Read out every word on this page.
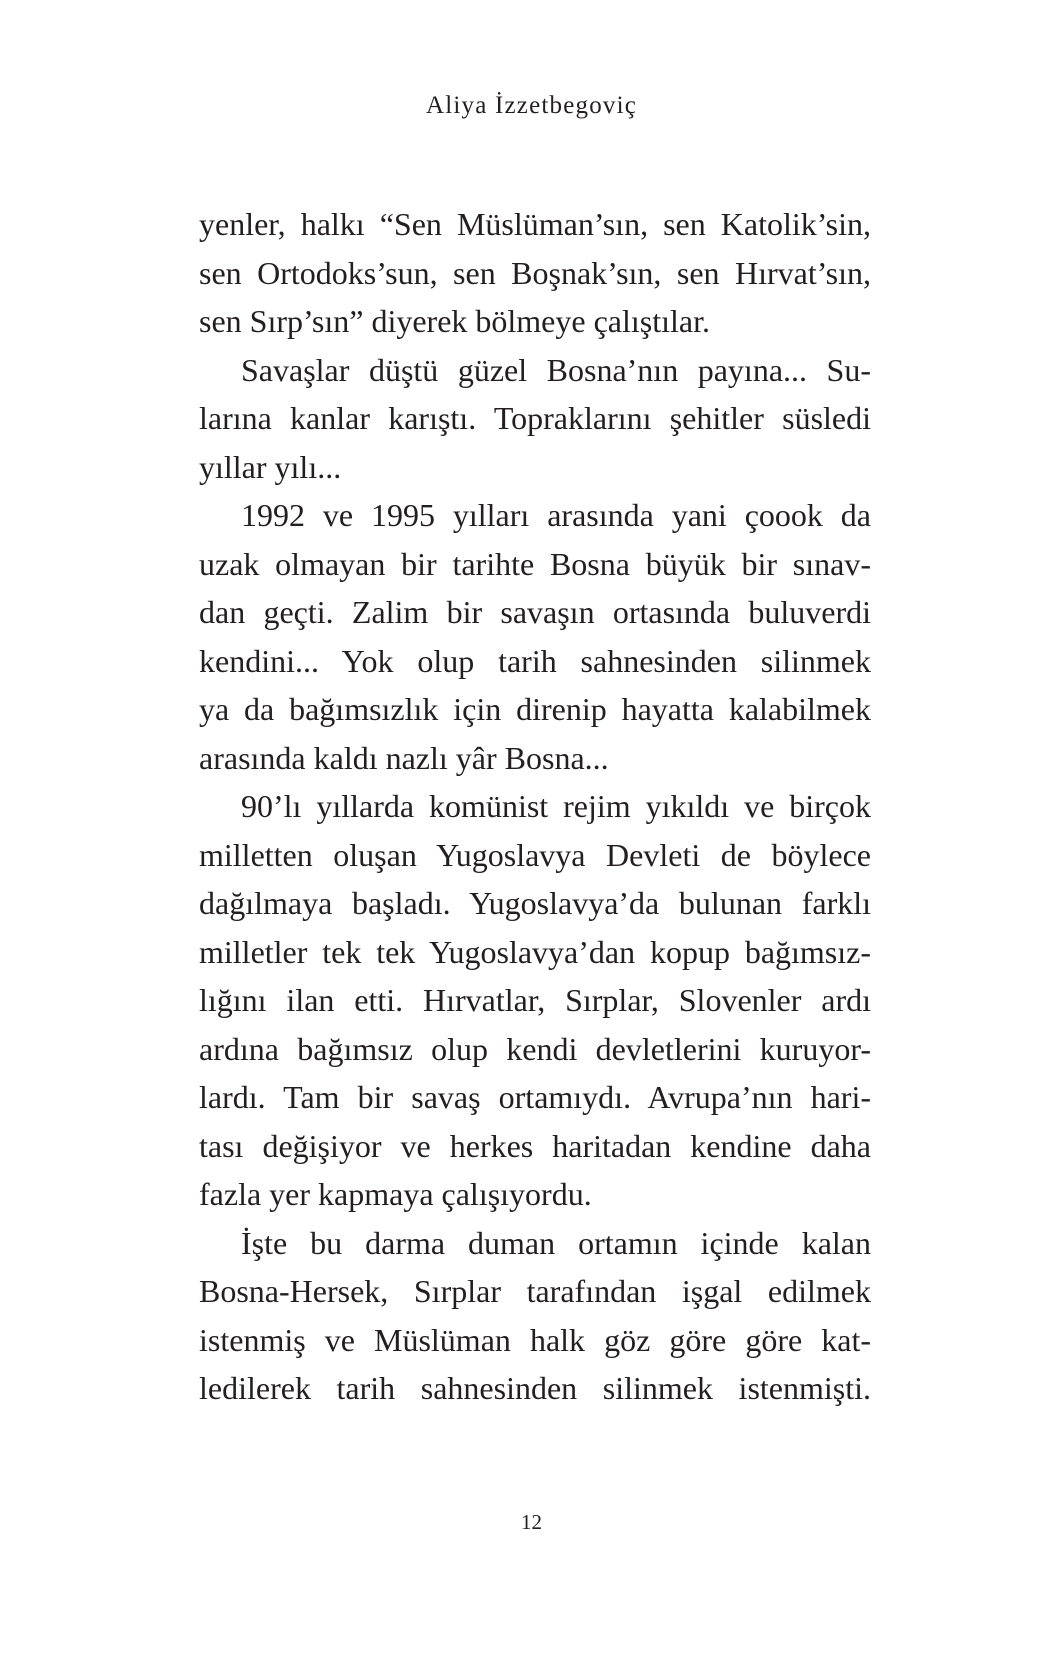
Aliya İzzetbegoviç
yenler, halkı “Sen Müslüman’sın, sen Katolik’sin,
sen Ortodoks’sun, sen Boşnak’sın, sen Hırvat’sın,
sen Sırp’sın” diyerek bölmeye çalıştılar.
Savaşlar düştü güzel Bosna’nın payına... Su-
larına kanlar karıştı. Topraklarını şehitler süsledi
yıllar yılı...
1992 ve 1995 yılları arasında yani çoook da
uzak olmayan bir tarihte Bosna büyük bir sınav-
dan geçti. Zalim bir savaşın ortasında buluverdi
kendini... Yok olup tarih sahnesinden silinmek
ya da bağımsızlık için direnip hayatta kalabilmek
arasında kaldı nazlı yâr Bosna...
90’lı yıllarda komünist rejim yıkıldı ve birçok
milletten oluşan Yugoslavya Devleti de böylece
dağılmaya başladı. Yugoslavya’da bulunan farklı
milletler tek tek Yugoslavya’dan kopup bağımsız-
lığını ilan etti. Hırvatlar, Sırplar, Slovenler ardı
ardına bağımsız olup kendi devletlerini kuruyor-
lardı. Tam bir savaş ortamıydı. Avrupa’nın hari-
tası değişiyor ve herkes haritadan kendine daha
fazla yer kapmaya çalışıyordu.
İşte bu darma duman ortamın içinde kalan
Bosna-Hersek, Sırplar tarafından işgal edilmek
istenmiş ve Müslüman halk göz göre göre kat-
ledilerek tarih sahnesinden silinmek istenmişti.
12
